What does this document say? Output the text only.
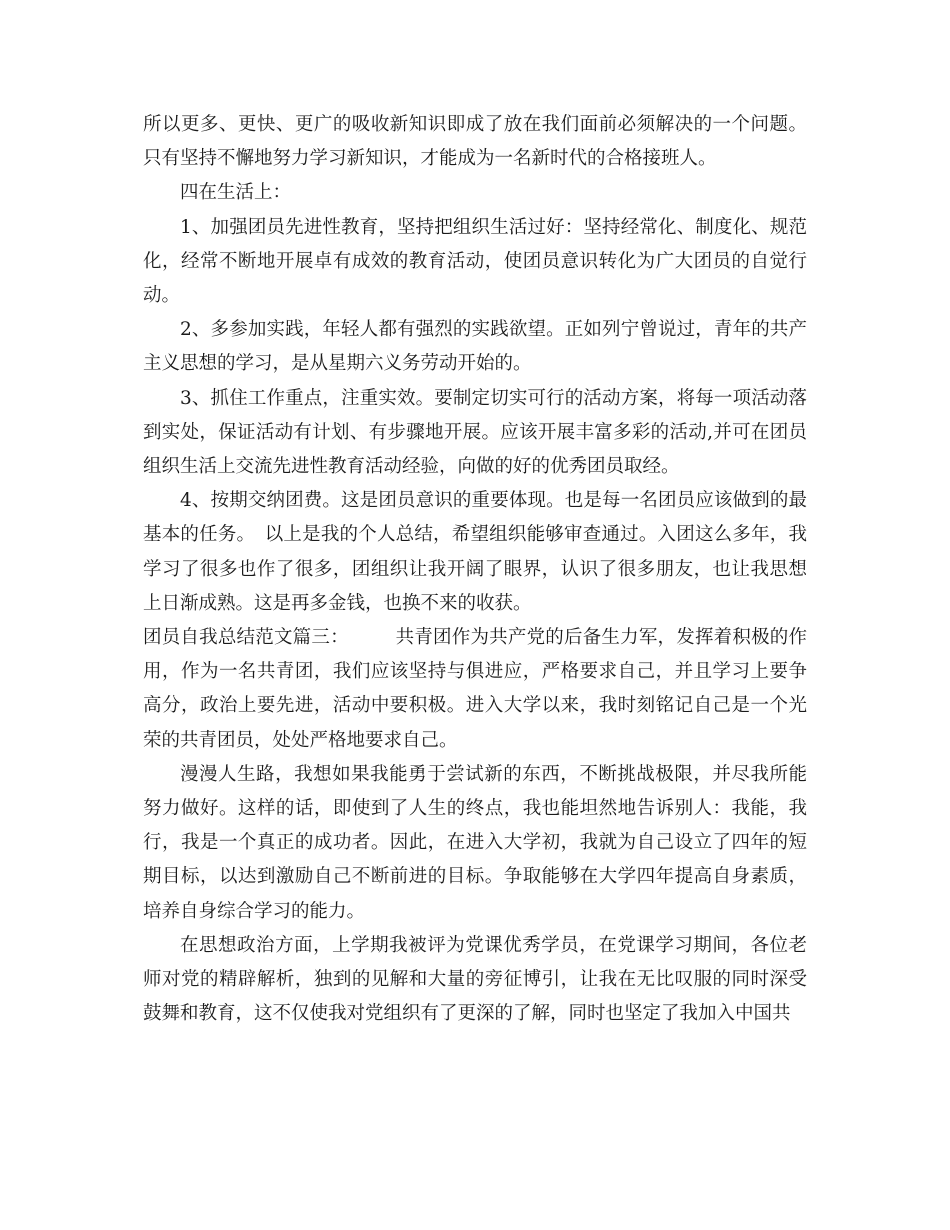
所以更多、更快、更广的吸收新知识即成了放在我们面前必须解决的一个问题。只有坚持不懈地努力学习新知识，才能成为一名新时代的合格接班人。

四在生活上：

1、加强团员先进性教育，坚持把组织生活过好：坚持经常化、制度化、规范化，经常不断地开展卓有成效的教育活动，使团员意识转化为广大团员的自觉行动。

2、多参加实践，年轻人都有强烈的实践欲望。正如列宁曾说过，青年的共产主义思想的学习，是从星期六义务劳动开始的。

3、抓住工作重点，注重实效。要制定切实可行的活动方案，将每一项活动落到实处，保证活动有计划、有步骤地开展。应该开展丰富多彩的活动,并可在团员组织生活上交流先进性教育活动经验，向做的好的优秀团员取经。

4、按期交纳团费。这是团员意识的重要体现。也是每一名团员应该做到的最基本的任务。　以上是我的个人总结，希望组织能够审查通过。入团这么多年，我学习了很多也作了很多，团组织让我开阔了眼界，认识了很多朋友，也让我思想上日渐成熟。这是再多金钱，也换不来的收获。

团员自我总结范文篇三：　　　共青团作为共产党的后备生力军，发挥着积极的作用，作为一名共青团，我们应该坚持与俱进应，严格要求自己，并且学习上要争高分，政治上要先进，活动中要积极。进入大学以来，我时刻铭记自己是一个光荣的共青团员，处处严格地要求自己。

漫漫人生路，我想如果我能勇于尝试新的东西，不断挑战极限，并尽我所能努力做好。这样的话，即使到了人生的终点，我也能坦然地告诉别人：我能，我行，我是一个真正的成功者。因此，在进入大学初，我就为自己设立了四年的短期目标，以达到激励自己不断前进的目标。争取能够在大学四年提高自身素质，培养自身综合学习的能力。

在思想政治方面，上学期我被评为党课优秀学员，在党课学习期间，各位老师对党的精辟解析，独到的见解和大量的旁征博引，让我在无比叹服的同时深受鼓舞和教育，这不仅使我对党组织有了更深的了解，同时也坚定了我加入中国共
